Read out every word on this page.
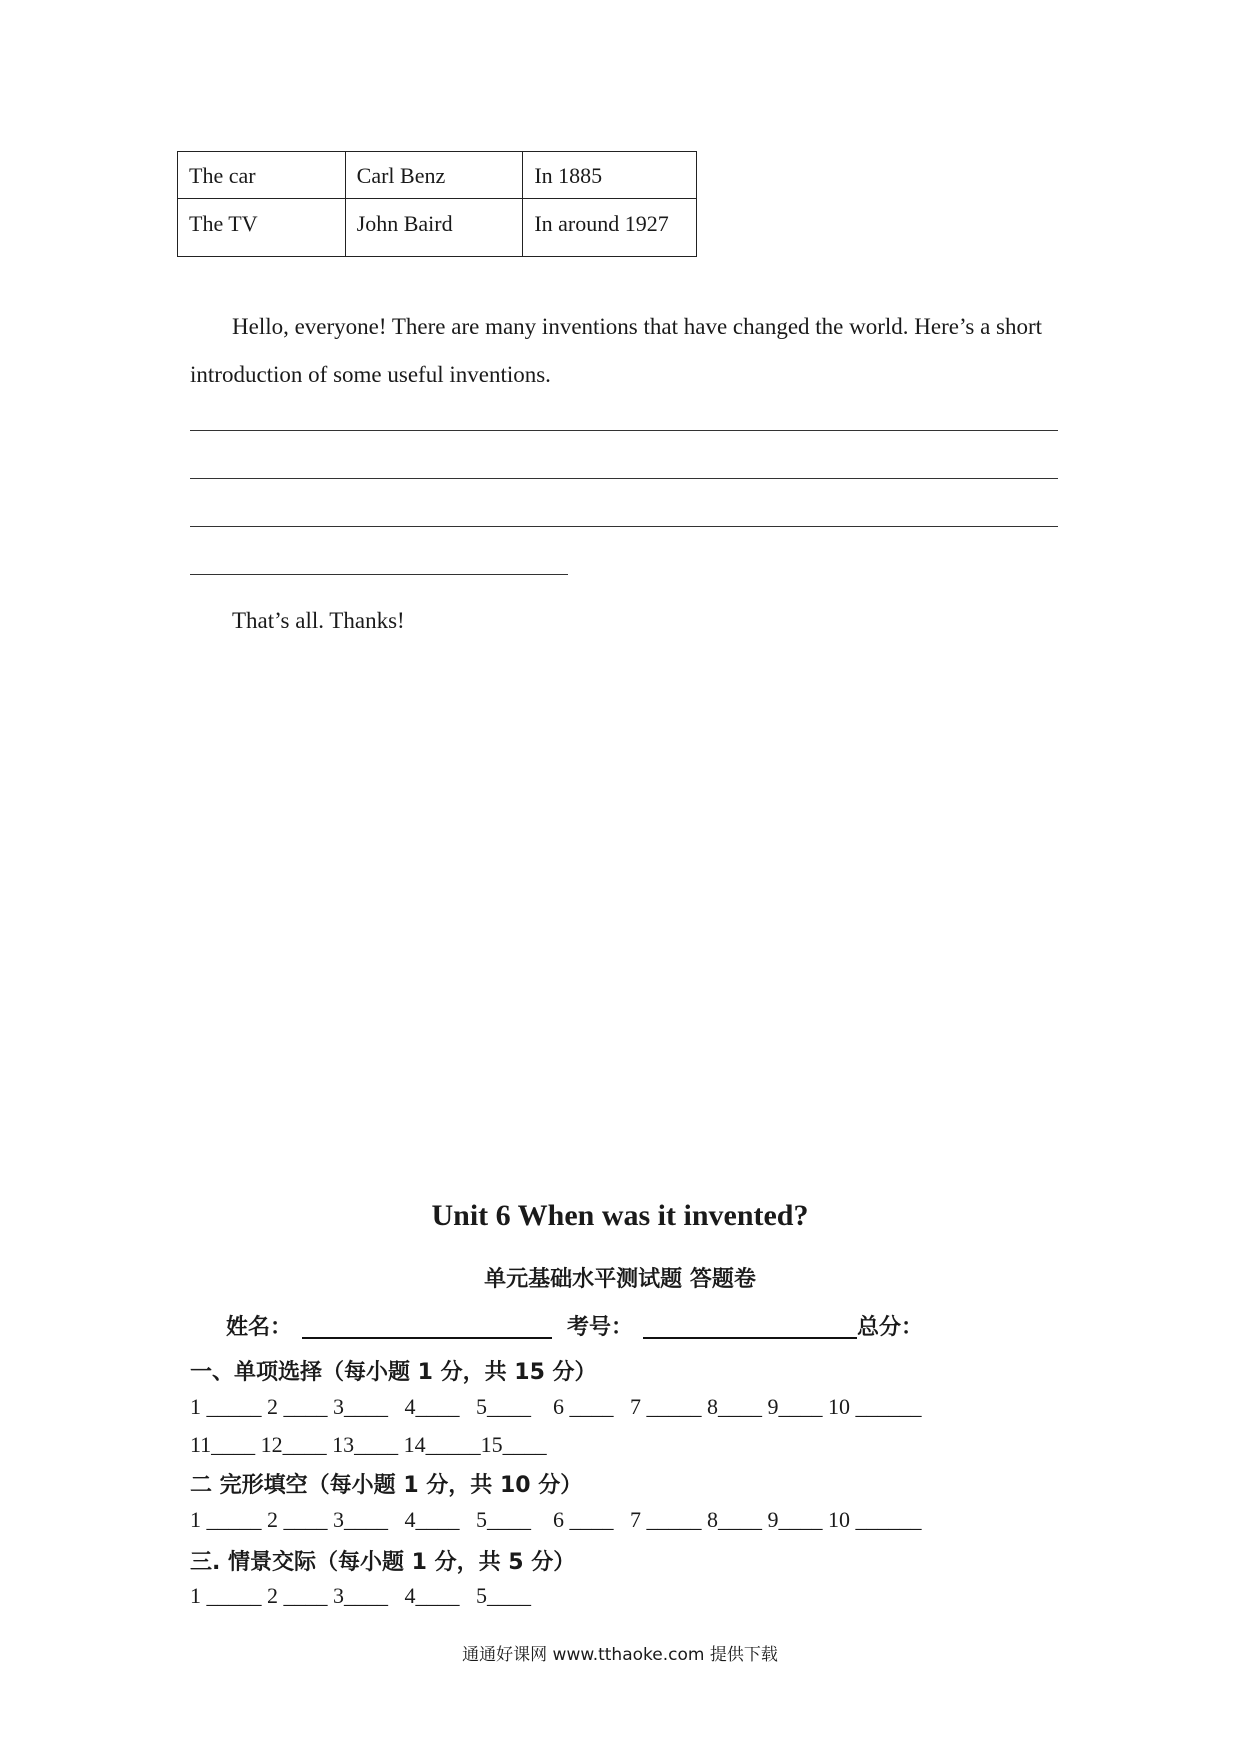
The car	Carl Benz	In 1885
The TV	John Baird	In around 1927
Hello, everyone! There are many inventions that have changed the world. Here’s a short introduction of some useful inventions.
That’s all. Thanks!
Unit 6 When was it invented?
单元基础水平测试题 答题卷
姓名：	考号：	总分：
一、单项选择（每小题 1 分，共 15 分）
1 _____ 2 ____ 3____   4____   5____    6 ____   7 _____ 8____ 9____ 10 ______
11____ 12____ 13____ 14_____15____
二 完形填空（每小题 1 分，共 10 分）
1 _____ 2 ____ 3____   4____   5____    6 ____   7 _____ 8____ 9____ 10 ______
三. 情景交际（每小题 1 分，共 5 分）
1 _____ 2 ____ 3____   4____   5____
通通好课网 www.tthaoke.com 提供下载
